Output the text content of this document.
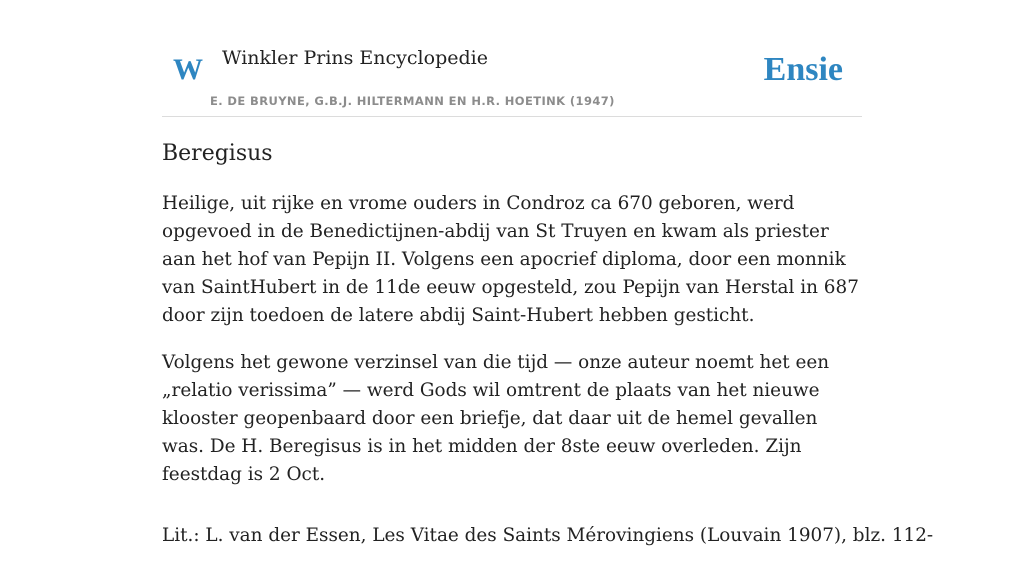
W Winkler Prins Encyclopedie
E. DE BRUYNE, G.B.J. HILTERMANN EN H.R. HOETINK (1947)
Ensie
Beregisus

Heilige, uit rijke en vrome ouders in Condroz ca 670 geboren, werd opgevoed in de Benedictijnen-abdij van St Truyen en kwam als priester aan het hof van Pepijn II. Volgens een apocrief diploma, door een monnik van SaintHubert in de 11de eeuw opgesteld, zou Pepijn van Herstal in 687 door zijn toedoen de latere abdij Saint-Hubert hebben gesticht.

Volgens het gewone verzinsel van die tijd — onze auteur noemt het een „relatio verissima” — werd Gods wil omtrent de plaats van het nieuwe klooster geopenbaard door een briefje, dat daar uit de hemel gevallen was. De H. Beregisus is in het midden der 8ste eeuw overleden. Zijn feestdag is 2 Oct.

Lit.: L. van der Essen, Les Vitae des Saints Mérovingiens (Louvain 1907), blz. 112-
